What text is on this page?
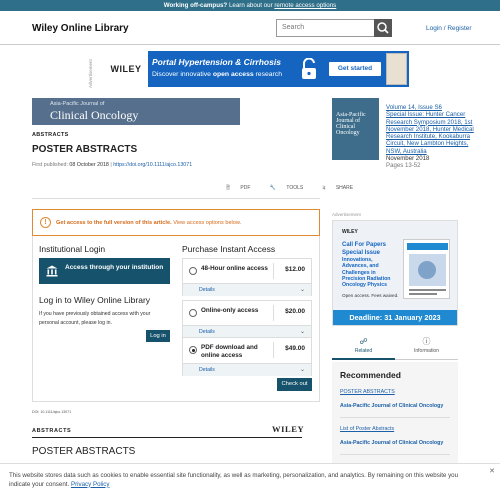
Working off-campus? Learn about our remote access options
Wiley Online Library	Search	Login / Register
Advertisement	WILEY
Portal Hypertension & Cirrhosis
Discover innovative open access research
Get started
Asia-Pacific Journal of
Clinical Oncology
ABSTRACTS
POSTER ABSTRACTS
First published: 08 October 2018 | https://doi.org/10.1111/ajco.13071
🗎 PDF	🔧 TOOLS	⥸ SHARE
!	Get access to the full version of this article. View access options below.
Institutional Login
Access through your institution
Log in to Wiley Online Library
If you have previously obtained access with your personal account, please log in.
Log in
Purchase Instant Access
48-Hour online access	$12.00
Details	⌄
Online-only access	$20.00
Details	⌄
PDF download and online access
$49.00
Details	⌄
Check out
DOI: 10.1111/ajco.13071
ABSTRACTS	WILEY
POSTER ABSTRACTS
Asia-Pacific Journal of
Clinical Oncology
Volume 14, Issue S6
Special Issue: Hunter Cancer Research Symposium 2018, 1st November 2018, Hunter Medical Research Institute, Kookaburra Circuit, New Lambton Heights, NSW, Australia
November 2018
Pages 13-52
Advertisement
WILEY
Call For Papers Special Issue
Innovations, Advances, and Challenges in Precision Radiation Oncology Physics
Open access. Fees waived.
Deadline: 31 January 2023
☍
Related
ⓘ
Information
Recommended
POSTER ABSTRACTS
Asia-Pacific Journal of Clinical Oncology
List of Poster Abstracts
Asia-Pacific Journal of Clinical Oncology
✕
This website stores data such as cookies to enable essential site functionality, as well as marketing, personalization, and analytics. By remaining on this website you indicate your consent. Privacy Policy
